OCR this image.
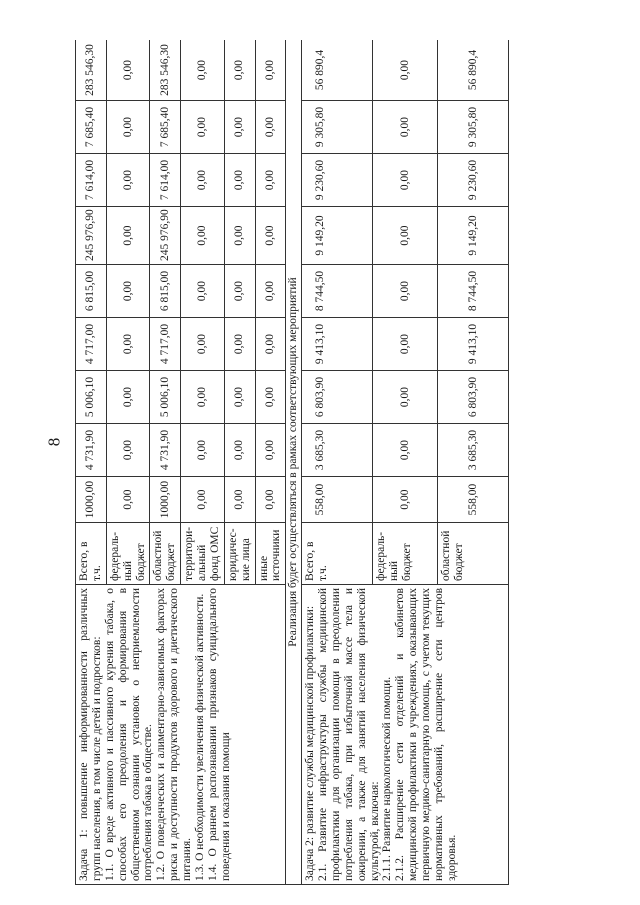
8

Задача 1: повышение информированности различных групп населения, в том числе детей и подростков: 1.1. О вреде активного и пассивного курения табака, о способах его преодоления и формирования в общественном сознании установок о неприемлемости потребления табака в обществе. 1.2. О поведенческих и алиментарно-зависимых факторах риска и доступности продуктов здорового и диетического питания. 1.3. О необходимости увеличения физической активности. 1.4. О раннем распознавании признаков суицидального поведения и оказания помощи	Всего, в т.ч.	1000,00	4 731,90	5 006,10	4 717,00	6 815,00	245 976,90	7 614,00	7 685,40	283 546,30
	федераль-ный бюджет	0,00	0,00	0,00	0,00	0,00	0,00	0,00	0,00	0,00
	областной бюджет	1000,00	4 731,90	5 006,10	4 717,00	6 815,00	245 976,90	7 614,00	7 685,40	283 546,30
	территори-альный фонд ОМС	0,00	0,00	0,00	0,00	0,00	0,00	0,00	0,00	0,00
	юридичес-кие лица	0,00	0,00	0,00	0,00	0,00	0,00	0,00	0,00	0,00
	иные источники	0,00	0,00	0,00	0,00	0,00	0,00	0,00	0,00	0,00
Реализация будет осуществляться в рамках соответствующих мероприятий										

Задача 2: развитие службы медицинской профилактики: 2.1. Развитие инфраструктуры службы медицинской профилактики для организации помощи в преодолении потребления табака, при избыточной массе тела и ожирении, а также для занятий населения физической культурой, включая: 2.1.1. Развитие наркологической помощи. 2.1.2. Расширение сети отделений и кабинетов медицинской профилактики в учреждениях, оказывающих первичную медико-санитарную помощь, с учетом текущих нормативных требований, расширение сети центров здоровья.	Всего, в т.ч.	558,00	3 685,30	6 803,90	9 413,10	8 744,50	9 149,20	9 230,60	9 305,80	56 890,4
	федераль-ный бюджет	0,00	0,00	0,00	0,00	0,00	0,00	0,00	0,00	0,00
	областной бюджет	558,00	3 685,30	6 803,90	9 413,10	8 744,50	9 149,20	9 230,60	9 305,80	56 890,4
